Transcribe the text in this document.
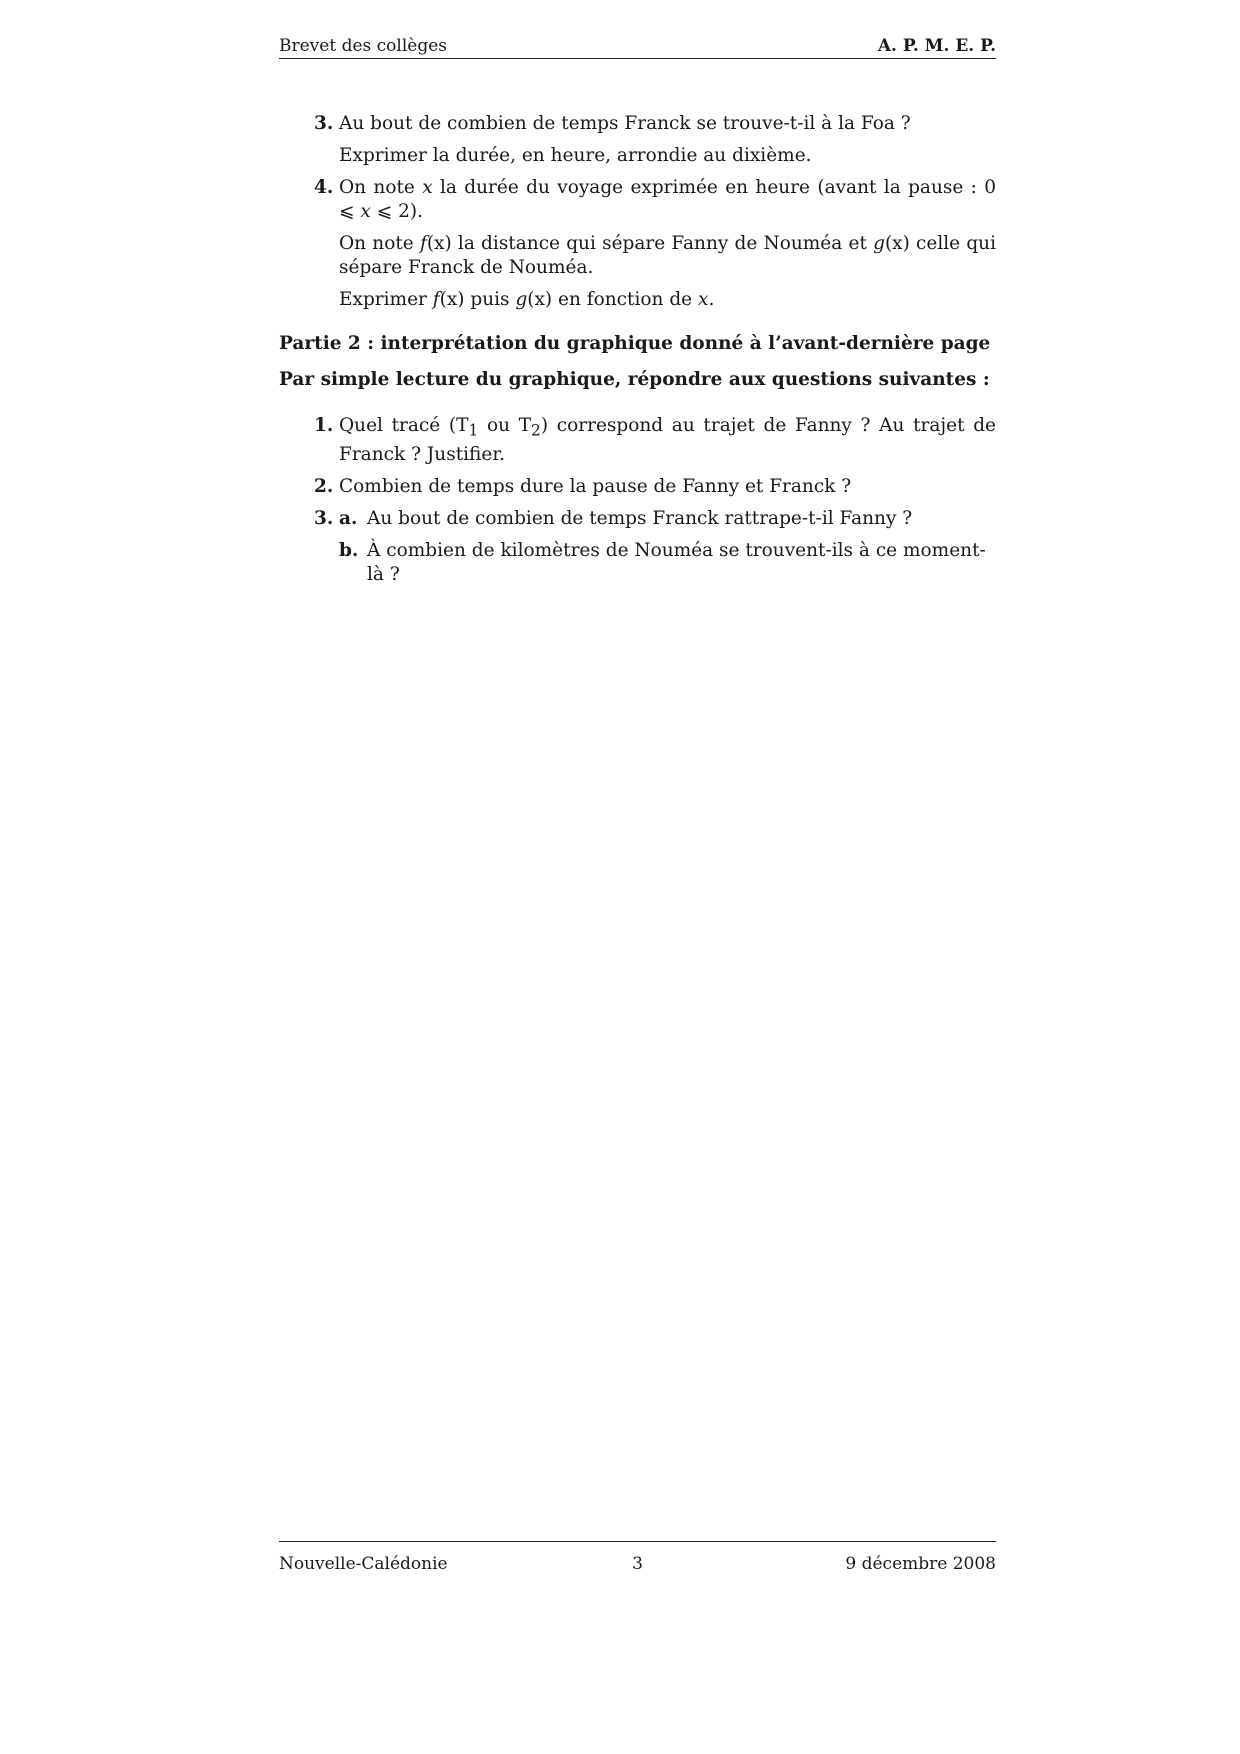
Brevet des collèges	A. P. M. E. P.
3. Au bout de combien de temps Franck se trouve-t-il à la Foa ?

Exprimer la durée, en heure, arrondie au dixième.

4. On note x la durée du voyage exprimée en heure (avant la pause : 0 ⩽ x ⩽ 2).

On note f(x) la distance qui sépare Fanny de Nouméa et g(x) celle qui sépare Franck de Nouméa.

Exprimer f(x) puis g(x) en fonction de x.

Partie 2 : interprétation du graphique donné à l’avant-dernière page

Par simple lecture du graphique, répondre aux questions suivantes :

1. Quel tracé ($T_1$ ou $T_2$) correspond au trajet de Fanny ? Au trajet de Franck ? Justifier.

2. Combien de temps dure la pause de Fanny et Franck ?

3. a. Au bout de combien de temps Franck rattrape-t-il Fanny ?
b. À combien de kilomètres de Nouméa se trouvent-ils à ce moment-là ?
Nouvelle-Calédonie	3	9 décembre 2008
